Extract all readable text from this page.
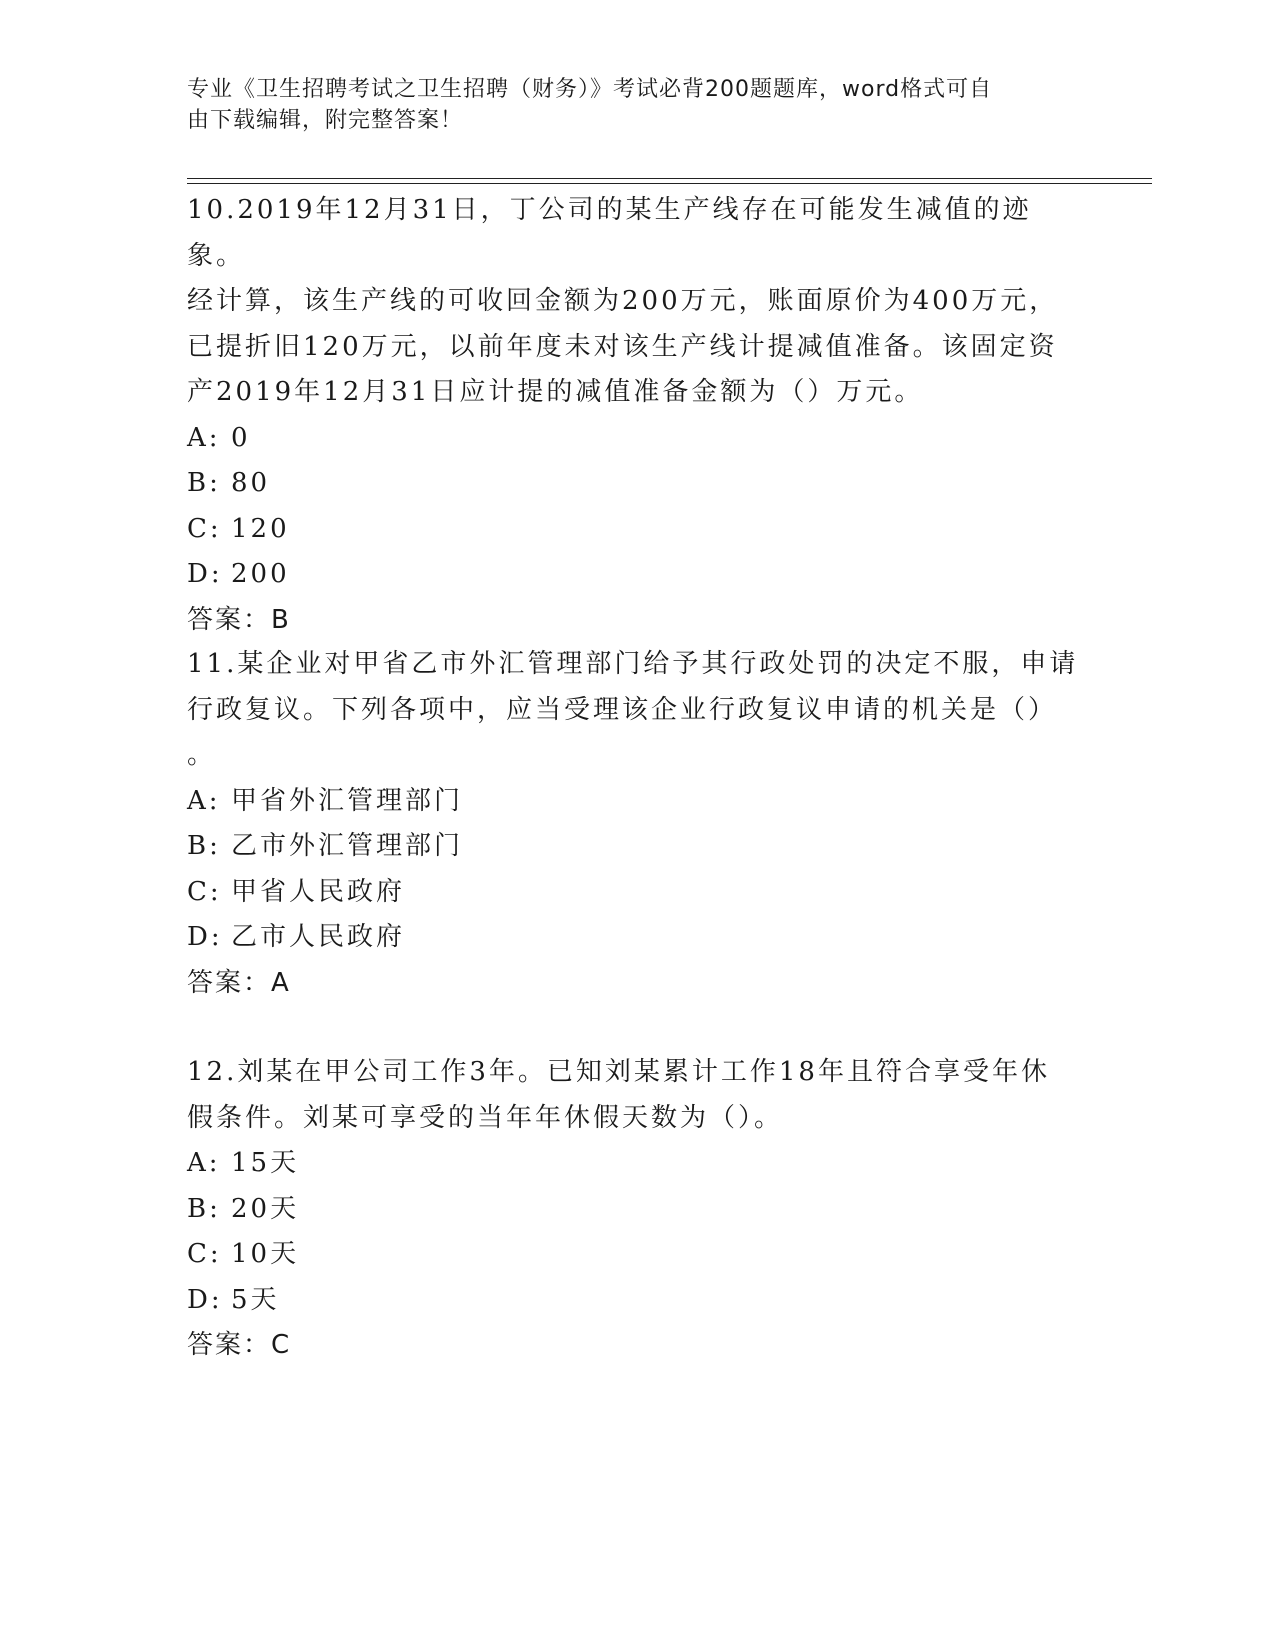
专业《卫生招聘考试之卫生招聘（财务）》考试必背200题题库，word格式可自
由下载编辑，附完整答案！
10.2019年12月31日，丁公司的某生产线存在可能发生减值的迹象。
经计算，该生产线的可收回金额为200万元，账面原价为400万元，
已提折旧120万元，以前年度未对该生产线计提减值准备。该固定资
产2019年12月31日应计提的减值准备金额为（）万元。
A: 0
B: 80
C: 120
D: 200
答案：B
11.某企业对甲省乙市外汇管理部门给予其行政处罚的决定不服，申请
行政复议。下列各项中，应当受理该企业行政复议申请的机关是（）
。
A: 甲省外汇管理部门
B: 乙市外汇管理部门
C: 甲省人民政府
D: 乙市人民政府
答案：A
12.刘某在甲公司工作3年。已知刘某累计工作18年且符合享受年休
假条件。刘某可享受的当年年休假天数为（）。
A: 15天
B: 20天
C: 10天
D: 5天
答案：C
